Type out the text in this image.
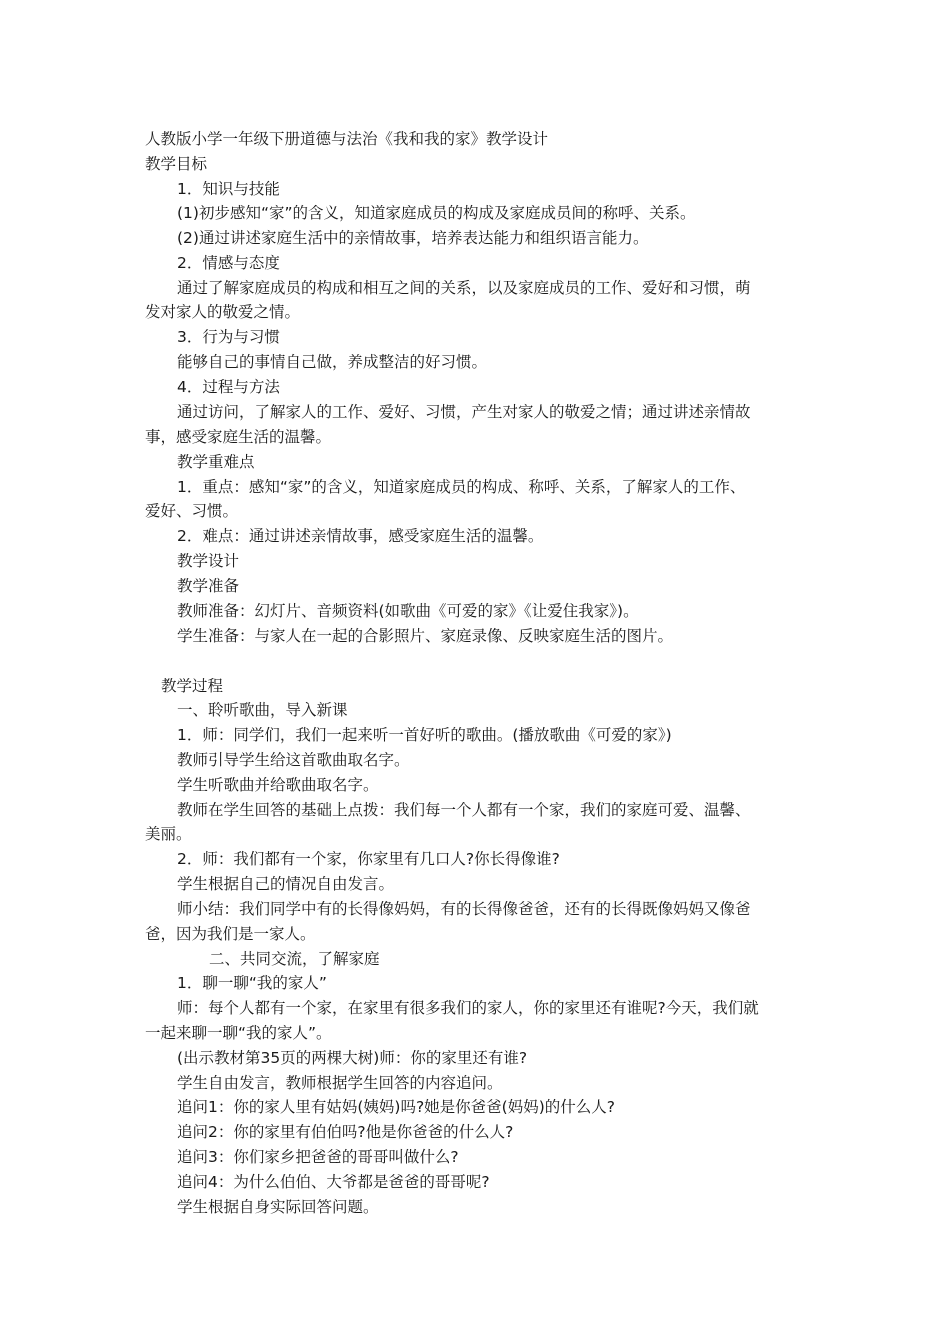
人教版小学一年级下册道德与法治《我和我的家》教学设计
教学目标
1．知识与技能
(1)初步感知“家”的含义，知道家庭成员的构成及家庭成员间的称呼、关系。
(2)通过讲述家庭生活中的亲情故事，培养表达能力和组织语言能力。
2．情感与态度
通过了解家庭成员的构成和相互之间的关系，以及家庭成员的工作、爱好和习惯，萌
发对家人的敬爱之情。
3．行为与习惯
能够自己的事情自己做，养成整洁的好习惯。
4．过程与方法
通过访问，了解家人的工作、爱好、习惯，产生对家人的敬爱之情；通过讲述亲情故
事，感受家庭生活的温馨。
教学重难点
1．重点：感知“家”的含义，知道家庭成员的构成、称呼、关系，了解家人的工作、
爱好、习惯。
2．难点：通过讲述亲情故事，感受家庭生活的温馨。
教学设计
教学准备
教师准备：幻灯片、音频资料(如歌曲《可爱的家》《让爱住我家》)。
学生准备：与家人在一起的合影照片、家庭录像、反映家庭生活的图片。
教学过程
一、聆听歌曲，导入新课
1．师：同学们，我们一起来听一首好听的歌曲。(播放歌曲《可爱的家》)
教师引导学生给这首歌曲取名字。
学生听歌曲并给歌曲取名字。
教师在学生回答的基础上点拨：我们每一个人都有一个家，我们的家庭可爱、温馨、
美丽。
2．师：我们都有一个家，你家里有几口人?你长得像谁?
学生根据自己的情况自由发言。
师小结：我们同学中有的长得像妈妈，有的长得像爸爸，还有的长得既像妈妈又像爸
爸，因为我们是一家人。
二、共同交流，了解家庭
1．聊一聊“我的家人”
师：每个人都有一个家，在家里有很多我们的家人，你的家里还有谁呢?今天，我们就
一起来聊一聊“我的家人”。
(出示教材第35页的两棵大树)师：你的家里还有谁?
学生自由发言，教师根据学生回答的内容追问。
追问1：你的家人里有姑妈(姨妈)吗?她是你爸爸(妈妈)的什么人?
追问2：你的家里有伯伯吗?他是你爸爸的什么人?
追问3：你们家乡把爸爸的哥哥叫做什么?
追问4：为什么伯伯、大爷都是爸爸的哥哥呢?
学生根据自身实际回答问题。
